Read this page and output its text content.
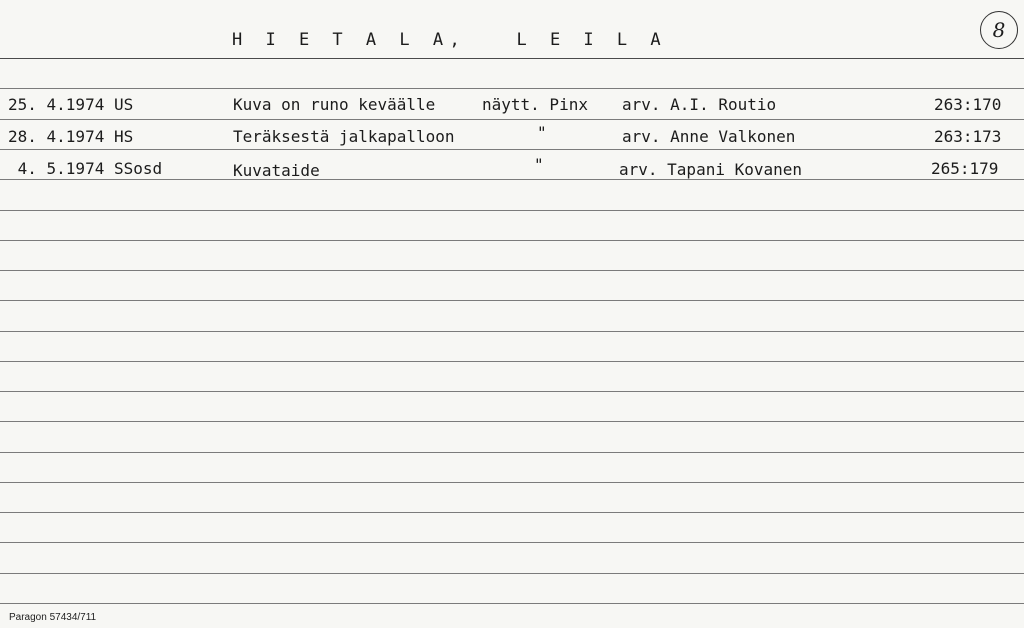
H I E T A L A,   L E I L A	8
25. 4.1974 US	Kuva on runo keväälle	näytt. Pinx arv. A.I. Routio	263:170
28. 4.1974 HS	Teräksestä jalkapalloon	"	arv. Anne Valkonen	263:173
4. 5.1974 SSosd	Kuvataide	"	arv. Tapani Kovanen	265:179
Paragon 57434/711
